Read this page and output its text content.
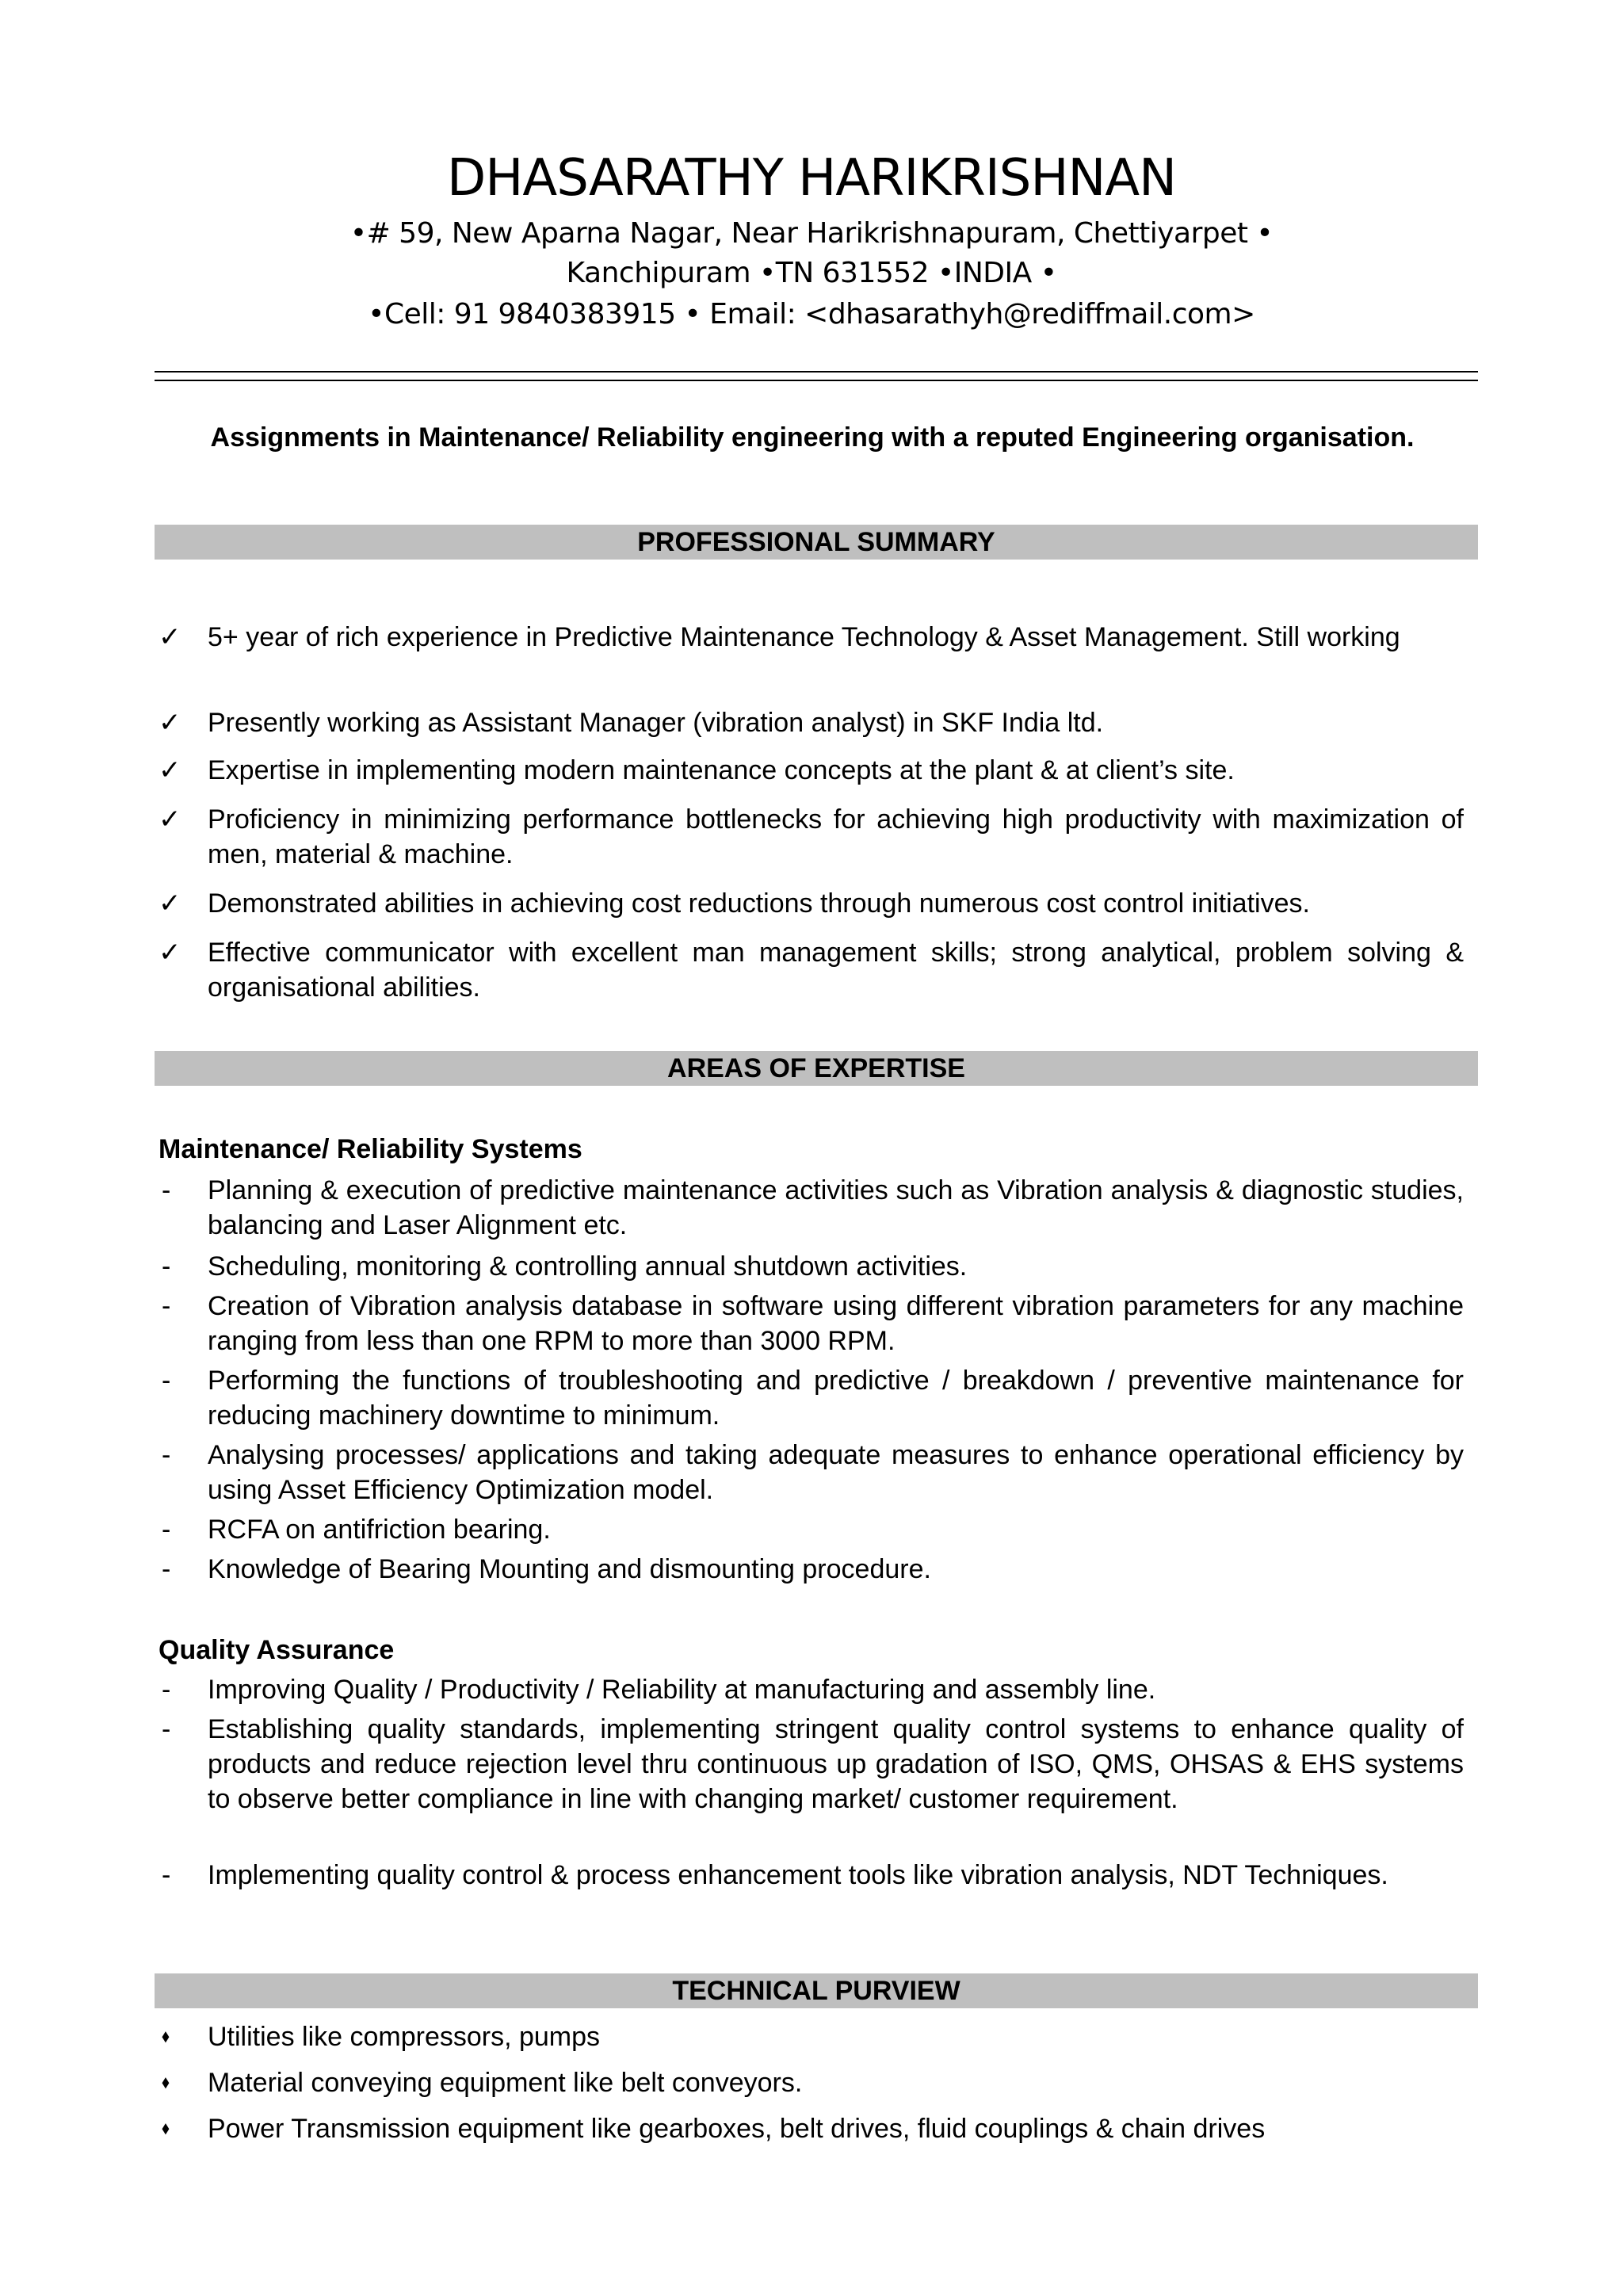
DHASARATHY HARIKRISHNAN
•# 59, New Aparna Nagar, Near Harikrishnapuram, Chettiyarpet •
Kanchipuram •TN 631552 •INDIA •
•Cell: 91 9840383915 • Email: <dhasarathyh@rediffmail.com>
Assignments in Maintenance/ Reliability engineering with a reputed Engineering organisation.
PROFESSIONAL SUMMARY
✓ 5+ year of rich experience in Predictive Maintenance Technology & Asset Management. Still working
✓ Presently working as Assistant Manager (vibration analyst) in SKF India ltd.
✓ Expertise in implementing modern maintenance concepts at the plant & at client’s site.
✓ Proficiency in minimizing performance bottlenecks for achieving high productivity with maximization of men, material & machine.
✓ Demonstrated abilities in achieving cost reductions through numerous cost control initiatives.
✓ Effective communicator with excellent man management skills; strong analytical, problem solving & organisational abilities.
AREAS OF EXPERTISE
Maintenance/ Reliability Systems
-	Planning & execution of predictive maintenance activities such as Vibration analysis & diagnostic studies, balancing and Laser Alignment etc.
-	Scheduling, monitoring & controlling annual shutdown activities.
-	Creation of Vibration analysis database in software using different vibration parameters for any machine ranging from less than one RPM to more than 3000 RPM.
-	Performing the functions of troubleshooting and predictive / breakdown / preventive maintenance for reducing machinery downtime to minimum.
-	Analysing processes/ applications and taking adequate measures to enhance operational efficiency by using Asset Efficiency Optimization model.
-	RCFA on antifriction bearing.
-	Knowledge of Bearing Mounting and dismounting procedure.
Quality Assurance
-	Improving Quality / Productivity / Reliability at manufacturing and assembly line.
-	Establishing quality standards, implementing stringent quality control systems to enhance quality of products and reduce rejection level thru continuous up gradation of ISO, QMS, OHSAS & EHS systems to observe better compliance in line with changing market/ customer requirement.
-	Implementing quality control & process enhancement tools like vibration analysis, NDT Techniques.
TECHNICAL PURVIEW
⬧	Utilities like compressors, pumps
⬧	Material conveying equipment like belt conveyors.
⬧	Power Transmission equipment like gearboxes, belt drives, fluid couplings & chain drives
